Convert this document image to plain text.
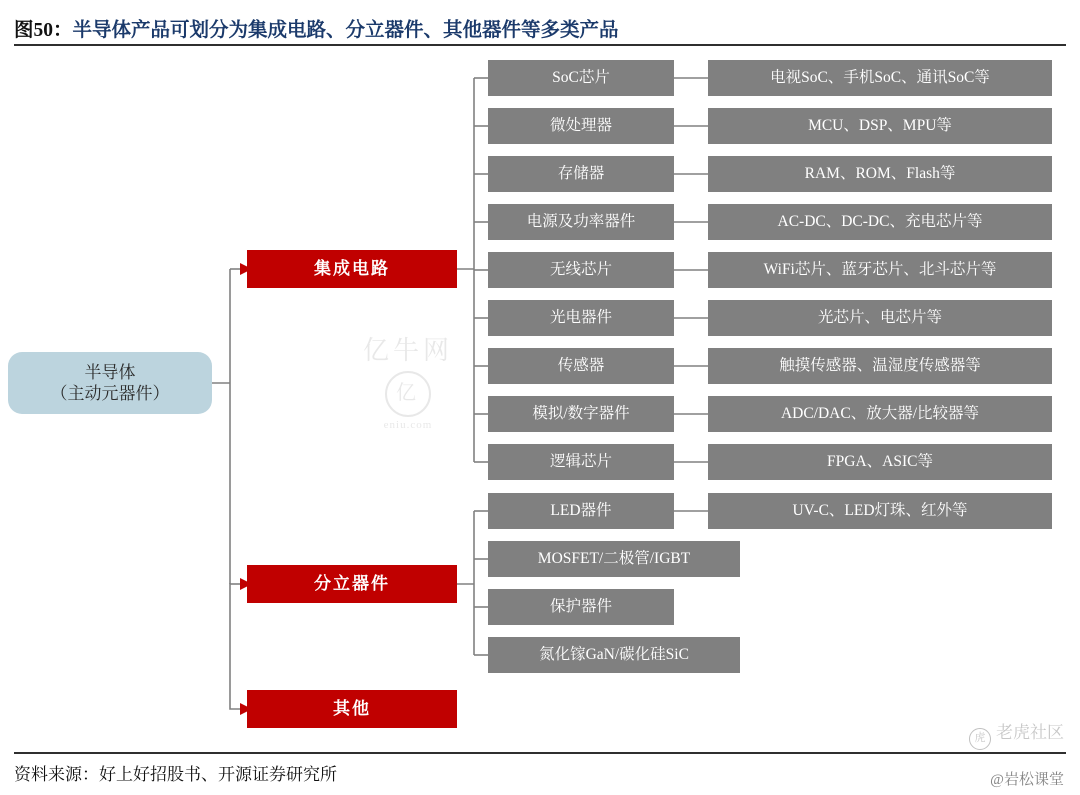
图50：半导体产品可划分为集成电路、分立器件、其他器件等多类产品
亿牛网
亿
eniu.com
虎 老虎社区
@岩松课堂
半导体
（主动元器件）
集成电路
分立器件
其他
SoC芯片
微处理器
存储器
电源及功率器件
无线芯片
光电器件
传感器
模拟/数字器件
逻辑芯片
电视SoC、手机SoC、通讯SoC等
MCU、DSP、MPU等
RAM、ROM、Flash等
AC-DC、DC-DC、充电芯片等
WiFi芯片、蓝牙芯片、北斗芯片等
光芯片、电芯片等
触摸传感器、温湿度传感器等
ADC/DAC、放大器/比较器等
FPGA、ASIC等
LED器件
MOSFET/二极管/IGBT
保护器件
氮化镓GaN/碳化硅SiC
UV-C、LED灯珠、红外等
资料来源：好上好招股书、开源证券研究所
